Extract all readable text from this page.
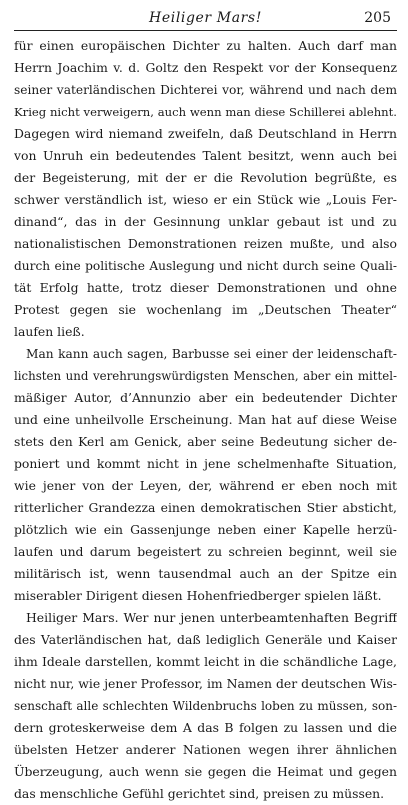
Heiliger Mars!	205
für einen europäischen Dichter zu halten. Auch darf man
Herrn Joachim v. d. Goltz den Respekt vor der Konsequenz
seiner vaterländischen Dichterei vor, während und nach dem
Krieg nicht verweigern, auch wenn man diese Schillerei ablehnt.
Dagegen wird niemand zweifeln, daß Deutschland in Herrn
von Unruh ein bedeutendes Talent besitzt, wenn auch bei
der Begeisterung, mit der er die Revolution begrüßte, es
schwer verständlich ist, wieso er ein Stück wie „Louis Fer-
dinand“, das in der Gesinnung unklar gebaut ist und zu
nationalistischen Demonstrationen reizen mußte, und also
durch eine politische Auslegung und nicht durch seine Quali-
tät Erfolg hatte, trotz dieser Demonstrationen und ohne
Protest gegen sie wochenlang im „Deutschen Theater“
laufen ließ.
Man kann auch sagen, Barbusse sei einer der leidenschaft-
lichsten und verehrungswürdigsten Menschen, aber ein mittel-
mäßiger Autor, d’Annunzio aber ein bedeutender Dichter
und eine unheilvolle Erscheinung. Man hat auf diese Weise
stets den Kerl am Genick, aber seine Bedeutung sicher de-
poniert und kommt nicht in jene schelmenhafte Situation,
wie jener von der Leyen, der, während er eben noch mit
ritterlicher Grandezza einen demokratischen Stier absticht,
plötzlich wie ein Gassenjunge neben einer Kapelle herzü-
laufen und darum begeistert zu schreien beginnt, weil sie
militärisch ist, wenn tausendmal auch an der Spitze ein
miserabler Dirigent diesen Hohenfriedberger spielen läßt.
Heiliger Mars. Wer nur jenen unterbeamtenhaften Begriff
des Vaterländischen hat, daß lediglich Generäle und Kaiser
ihm Ideale darstellen, kommt leicht in die schändliche Lage,
nicht nur, wie jener Professor, im Namen der deutschen Wis-
senschaft alle schlechten Wildenbruchs loben zu müssen, son-
dern groteskerweise dem A das B folgen zu lassen und die
übelsten Hetzer anderer Nationen wegen ihrer ähnlichen
Überzeugung, auch wenn sie gegen die Heimat und gegen
das menschliche Gefühl gerichtet sind, preisen zu müssen.
